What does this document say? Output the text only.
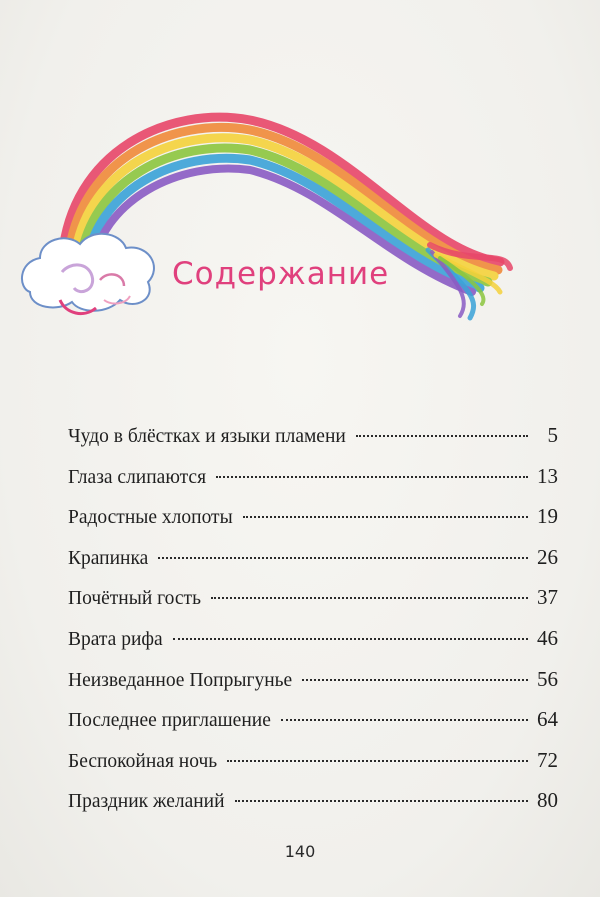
Содержание
Чудо в блёстках и языки пламени	5
Глаза слипаются	13
Радостные хлопоты	19
Крапинка	26
Почётный гость	37
Врата рифа	46
Неизведанное Попрыгунье	56
Последнее приглашение	64
Беспокойная ночь	72
Праздник желаний	80
140
